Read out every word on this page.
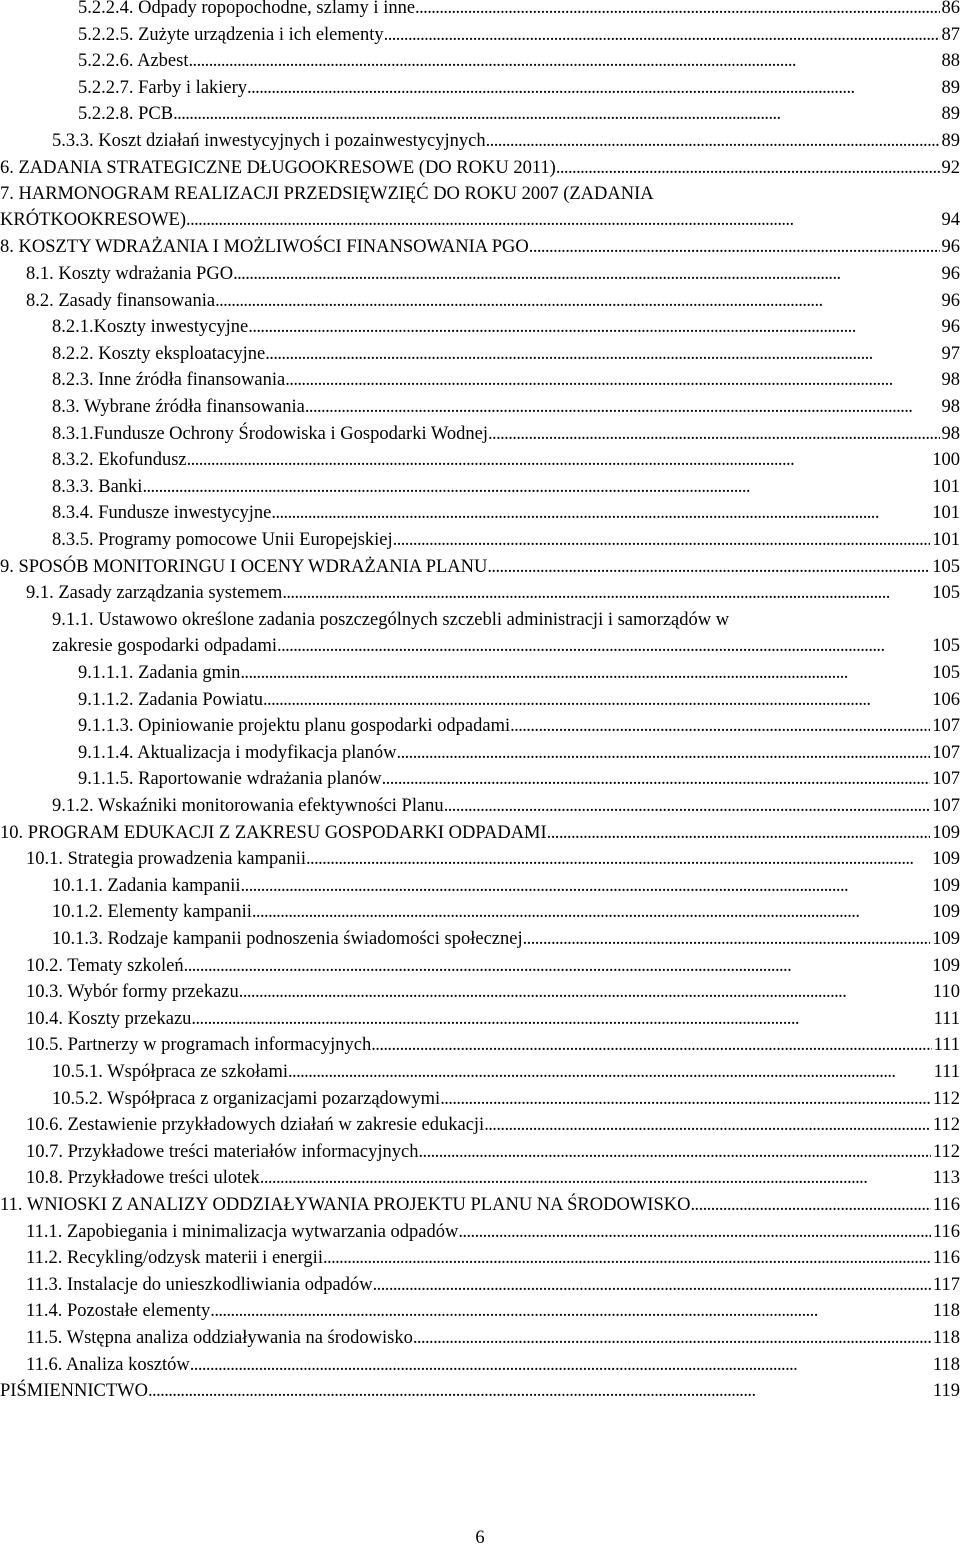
5.2.2.4. Odpady ropopochodne, szlamy i inne . . .	86
5.2.2.5. Zużyte urządzenia i ich elementy . . .	87
5.2.2.6. Azbest . . .	88
5.2.2.7. Farby i lakiery . . .	89
5.2.2.8. PCB . . .	89
5.3.3. Koszt działań inwestycyjnych i pozainwestycyjnych . . .	89
6. ZADANIA STRATEGICZNE DŁUGOOKRESOWE (DO ROKU 2011) . . .	92
7. HARMONOGRAM REALIZACJI PRZEDSIĘWZIĘĆ DO ROKU 2007 (ZADANIA
KRÓTKOOKRESOWE) . . .	94
8. KOSZTY WDRAŻANIA I MOŻLIWOŚCI FINANSOWANIA PGO . . .	96
8.1. Koszty wdrażania PGO . . .	96
8.2. Zasady finansowania . . .	96
8.2.1.Koszty inwestycyjne . . .	96
8.2.2. Koszty eksploatacyjne . . .	97
8.2.3. Inne źródła finansowania . . .	98
8.3. Wybrane źródła finansowania . . .	98
8.3.1.Fundusze Ochrony Środowiska i Gospodarki Wodnej . . .	98
8.3.2. Ekofundusz . . .	100
8.3.3. Banki . . .	101
8.3.4. Fundusze inwestycyjne . . .	101
8.3.5. Programy pomocowe Unii Europejskiej . . .	101
9. SPOSÓB MONITORINGU I OCENY WDRAŻANIA PLANU . . .	105
9.1. Zasady zarządzania systemem . . .	105
9.1.1. Ustawowo określone zadania poszczególnych szczebli administracji i samorządów w
zakresie gospodarki odpadami . . .	105
9.1.1.1. Zadania gmin . . .	105
9.1.1.2. Zadania Powiatu . . .	106
9.1.1.3. Opiniowanie projektu planu gospodarki odpadami . . .	107
9.1.1.4. Aktualizacja i modyfikacja planów . . .	107
9.1.1.5. Raportowanie wdrażania planów . . .	107
9.1.2. Wskaźniki monitorowania efektywności Planu . . .	107
10. PROGRAM EDUKACJI Z ZAKRESU GOSPODARKI ODPADAMI . . .	109
10.1. Strategia prowadzenia kampanii . . .	109
10.1.1. Zadania kampanii . . .	109
10.1.2. Elementy kampanii . . .	109
10.1.3. Rodzaje kampanii podnoszenia świadomości społecznej . . .	109
10.2. Tematy szkoleń . . .	109
10.3. Wybór formy przekazu . . .	110
10.4. Koszty przekazu . . .	111
10.5. Partnerzy w programach informacyjnych . . .	111
10.5.1. Współpraca ze szkołami . . .	111
10.5.2. Współpraca z organizacjami pozarządowymi . . .	112
10.6. Zestawienie przykładowych działań w zakresie edukacji . . .	112
10.7. Przykładowe treści materiałów informacyjnych . . .	112
10.8. Przykładowe treści ulotek . . .	113
11. WNIOSKI Z ANALIZY ODDZIAŁYWANIA PROJEKTU PLANU NA ŚRODOWISKO . . .	116
11.1. Zapobiegania i minimalizacja wytwarzania odpadów . . .	116
11.2. Recykling/odzysk materii i energii . . .	116
11.3. Instalacje do unieszkodliwiania odpadów . . .	117
11.4. Pozostałe elementy . . .	118
11.5. Wstępna analiza oddziaływania na środowisko . . .	118
11.6. Analiza kosztów . . .	118
PIŚMIENNICTWO . . .	119
6
